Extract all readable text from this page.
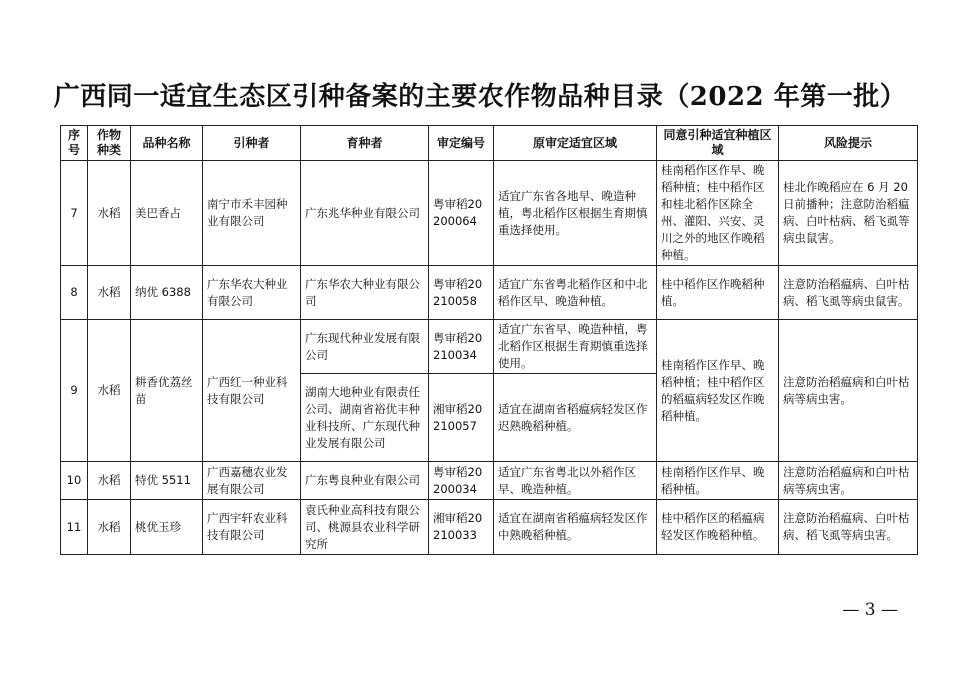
广西同一适宜生态区引种备案的主要农作物品种目录（2022 年第一批）
序号	作物种类	品种名称	引种者	育种者	审定编号	原审定适宜区域	同意引种适宜种植区域	风险提示
7	水稻	美巴香占	南宁市禾丰园种业有限公司	广东兆华种业有限公司	粤审稻20200064	适宜广东省各地早、晚造种植，粤北稻作区根据生育期慎重选择使用。	桂南稻作区作早、晚稻种植；桂中稻作区和桂北稻作区除全州、灌阳、兴安、灵川之外的地区作晚稻种植。	桂北作晚稻应在 6 月 20 日前播种；注意防治稻瘟病、白叶枯病、稻飞虱等病虫鼠害。
8	水稻	纳优 6388	广东华农大种业有限公司	广东华农大种业有限公司	粤审稻20210058	适宜广东省粤北稻作区和中北稻作区早、晚造种植。	桂中稻作区作晚稻种植。	注意防治稻瘟病、白叶枯病、稻飞虱等病虫鼠害。
9	水稻	耕香优荔丝苗	广西红一种业科技有限公司	广东现代种业发展有限公司	粤审稻20210034	适宜广东省早、晚造种植，粤北稻作区根据生育期慎重选择使用。	桂南稻作区作早、晚稻种植；桂中稻作区的稻瘟病轻发区作晚稻种植。	注意防治稻瘟病和白叶枯病等病虫害。
				湖南大地种业有限责任公司、湖南省裕优丰种业科技所、广东现代种业发展有限公司	湘审稻20210057	适宜在湖南省稻瘟病轻发区作迟熟晚稻种植。		
10	水稻	特优 5511	广西嘉穗农业发展有限公司	广东粤良种业有限公司	粤审稻20200034	适宜广东省粤北以外稻作区早、晚造种植。	桂南稻作区作早、晚稻种植。	注意防治稻瘟病和白叶枯病等病虫害。
11	水稻	桃优玉珍	广西宇轩农业科技有限公司	袁氏种业高科技有限公司、桃源县农业科学研究所	湘审稻20210033	适宜在湖南省稻瘟病轻发区作中熟晚稻种植。	桂中稻作区的稻瘟病轻发区作晚稻种植。	注意防治稻瘟病、白叶枯病、稻飞虱等病虫害。
— 3 —
